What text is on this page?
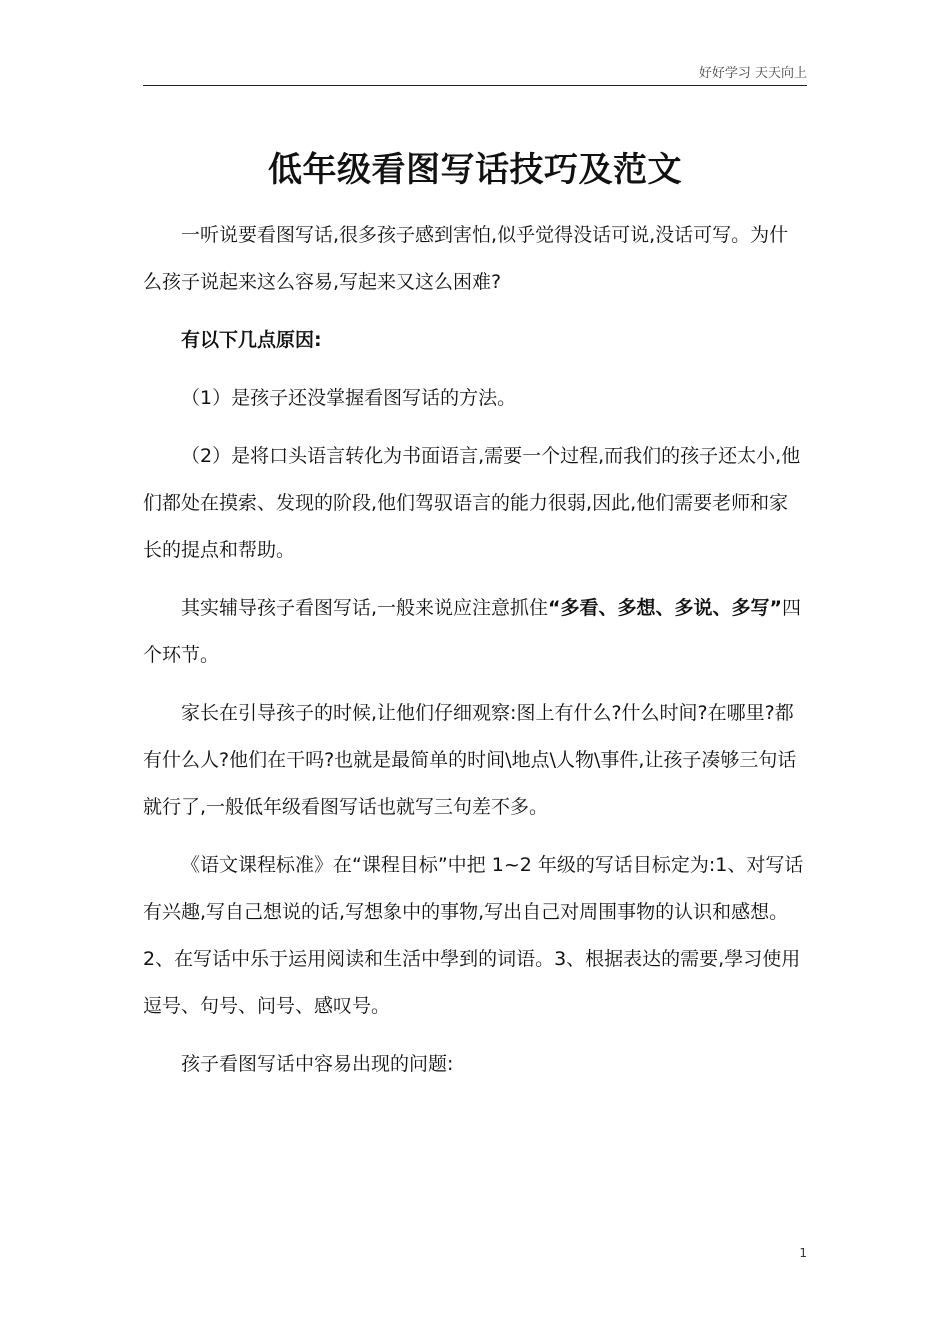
好好学习 天天向上
低年级看图写话技巧及范文

一听说要看图写话,很多孩子感到害怕,似乎觉得没话可说,没话可写。为什么孩子说起来这么容易,写起来又这么困难?

有以下几点原因:

（1）是孩子还没掌握看图写话的方法。

（2）是将口头语言转化为书面语言,需要一个过程,而我们的孩子还太小,他们都处在摸索、发现的阶段,他们驾驭语言的能力很弱,因此,他们需要老师和家长的提点和帮助。

其实辅导孩子看图写话,一般来说应注意抓住“多看、多想、多说、多写”四个环节。

家长在引导孩子的时候,让他们仔细观察:图上有什么?什么时间?在哪里?都有什么人?他们在干吗?也就是最简单的时间\地点\人物\事件,让孩子凑够三句话就行了,一般低年级看图写话也就写三句差不多。

《语文课程标准》在“课程目标”中把 1~2 年级的写话目标定为:1、对写话有兴趣,写自己想说的话,写想象中的事物,写出自己对周围事物的认识和感想。2、在写话中乐于运用阅读和生活中學到的词语。3、根据表达的需要,學习使用逗号、句号、问号、感叹号。

孩子看图写话中容易出现的问题:

1
